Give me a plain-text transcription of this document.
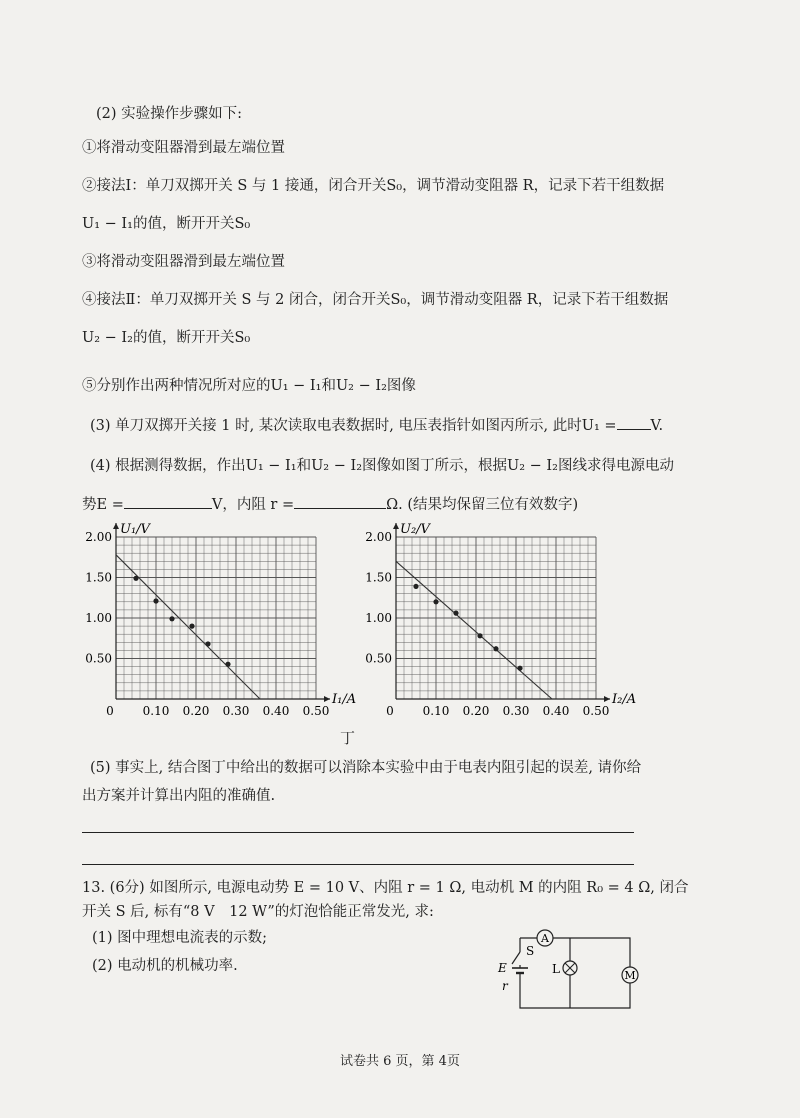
(2) 实验操作步骤如下:
①将滑动变阻器滑到最左端位置
②接法Ⅰ：单刀双掷开关 S 与 1 接通，闭合开关S₀，调节滑动变阻器 R，记录下若干组数据
U₁ − I₁的值，断开开关S₀
③将滑动变阻器滑到最左端位置
④接法Ⅱ：单刀双掷开关 S 与 2 闭合，闭合开关S₀，调节滑动变阻器 R，记录下若干组数据
U₂ − I₂的值，断开开关S₀
⑤分别作出两种情况所对应的U₁ − I₁和U₂ − I₂图像
(3) 单刀双掷开关接 1 时, 某次读取电表数据时, 电压表指针如图丙所示, 此时U₁ = V.
(4) 根据测得数据，作出U₁ − I₁和U₂ − I₂图像如图丁所示，根据U₂ − I₂图线求得电源电动
势E =	V，内阻 r =	Ω. (结果均保留三位有效数字)
0 0.10 0.20 0.30 0.40 0.50
0.50
1.00
1.50
2.00 U₁/V
I₁/A
0 0.10 0.20 0.30 0.40 0.50
0.50
1.00
1.50
2.00 U₂/V
I₂/A
丁
(5) 事实上, 结合图丁中给出的数据可以消除本实验中由于电表内阻引起的误差, 请你给
出方案并计算出内阻的准确值.
13. (6分) 如图所示, 电源电动势 E = 10 V、内阻 r = 1 Ω, 电动机 M 的内阻 R₀ = 4 Ω, 闭合
开关 S 后, 标有“8 V　12 W”的灯泡恰能正常发光, 求:
(1) 图中理想电流表的示数;
(2) 电动机的机械功率.
A
M
S
E
r
L
试卷共 6 页，第 4页
